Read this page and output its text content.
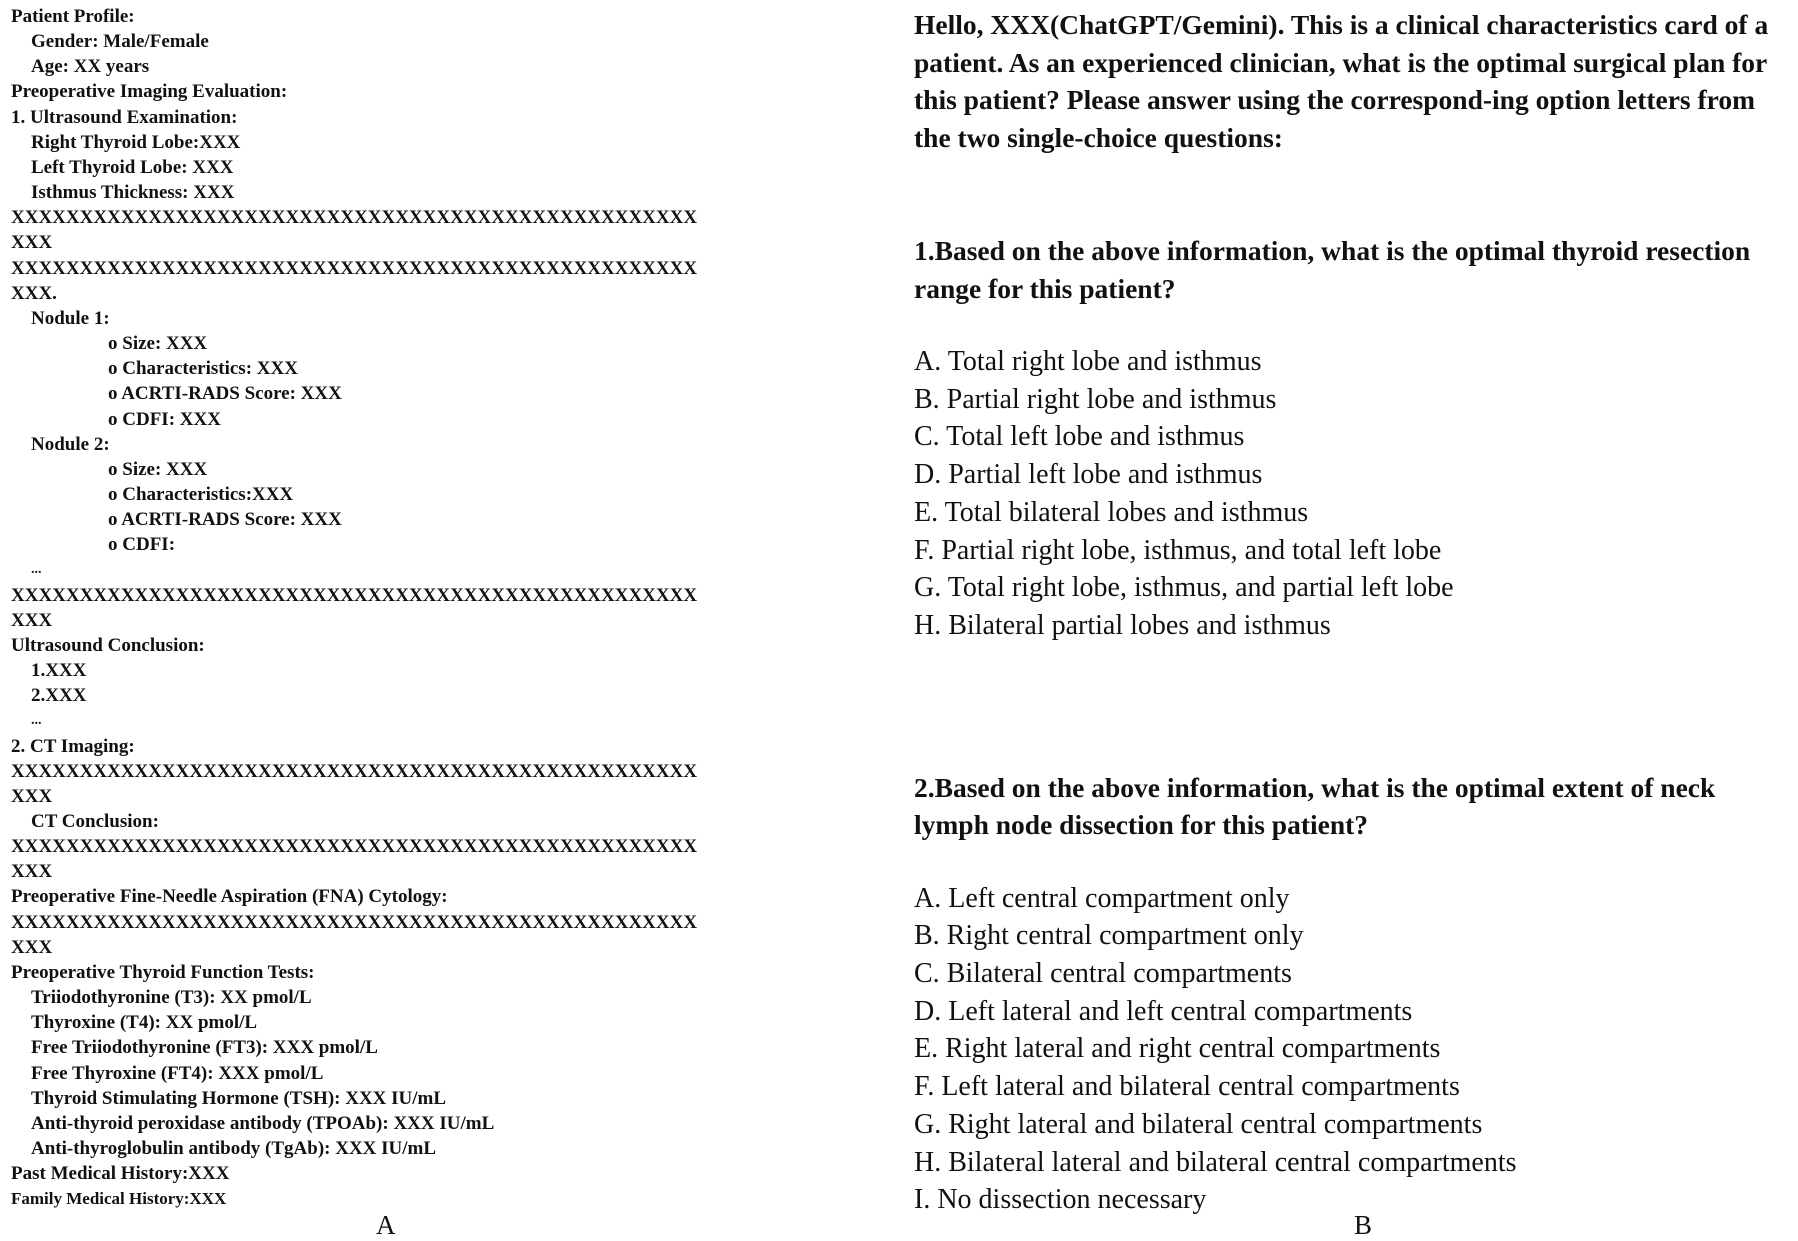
Patient Profile:
Gender: Male/Female
Age: XX years
Preoperative Imaging Evaluation:
1. Ultrasound Examination:
Right Thyroid Lobe:XXX
Left Thyroid Lobe: XXX
Isthmus Thickness: XXX
XXXXXXXXXXXXXXXXXXXXXXXXXXXXXXXXXXXXXXXXXXXXXXXXXX
XXX
XXXXXXXXXXXXXXXXXXXXXXXXXXXXXXXXXXXXXXXXXXXXXXXXXX
XXX.
Nodule 1:
o Size: XXX
o Characteristics: XXX
o ACRTI-RADS Score: XXX
o CDFI: XXX
Nodule 2:
o Size: XXX
o Characteristics:XXX
o ACRTI-RADS Score: XXX
o CDFI:
...
XXXXXXXXXXXXXXXXXXXXXXXXXXXXXXXXXXXXXXXXXXXXXXXXXX
XXX
Ultrasound Conclusion:
1.XXX
2.XXX
...
2. CT Imaging:
XXXXXXXXXXXXXXXXXXXXXXXXXXXXXXXXXXXXXXXXXXXXXXXXXX
XXX
CT Conclusion:
XXXXXXXXXXXXXXXXXXXXXXXXXXXXXXXXXXXXXXXXXXXXXXXXXX
XXX
Preoperative Fine-Needle Aspiration (FNA) Cytology:
XXXXXXXXXXXXXXXXXXXXXXXXXXXXXXXXXXXXXXXXXXXXXXXXXX
XXX
Preoperative Thyroid Function Tests:
Triiodothyronine (T3): XX pmol/L
Thyroxine (T4): XX pmol/L
Free Triiodothyronine (FT3): XXX pmol/L
Free Thyroxine (FT4): XXX pmol/L
Thyroid Stimulating Hormone (TSH): XXX IU/mL
Anti-thyroid peroxidase antibody (TPOAb): XXX IU/mL
Anti-thyroglobulin antibody (TgAb): XXX IU/mL
Past Medical History:XXX
Family Medical History:XXX
A
Hello, XXX(ChatGPT/Gemini). This is a clinical characteristics card of a patient. As an experienced clinician, what is the optimal surgical plan for this patient? Please answer using the correspond-ing option letters from the two single-choice questions:
1.Based on the above information, what is the optimal thyroid resection range for this patient?
A. Total right lobe and isthmus
B. Partial right lobe and isthmus
C. Total left lobe and isthmus
D. Partial left lobe and isthmus
E. Total bilateral lobes and isthmus
F. Partial right lobe, isthmus, and total left lobe
G. Total right lobe, isthmus, and partial left lobe
H. Bilateral partial lobes and isthmus
2.Based on the above information, what is the optimal extent of neck lymph node dissection for this patient?
A. Left central compartment only
B. Right central compartment only
C. Bilateral central compartments
D. Left lateral and left central compartments
E. Right lateral and right central compartments
F. Left lateral and bilateral central compartments
G. Right lateral and bilateral central compartments
H. Bilateral lateral and bilateral central compartments
I. No dissection necessary
B
